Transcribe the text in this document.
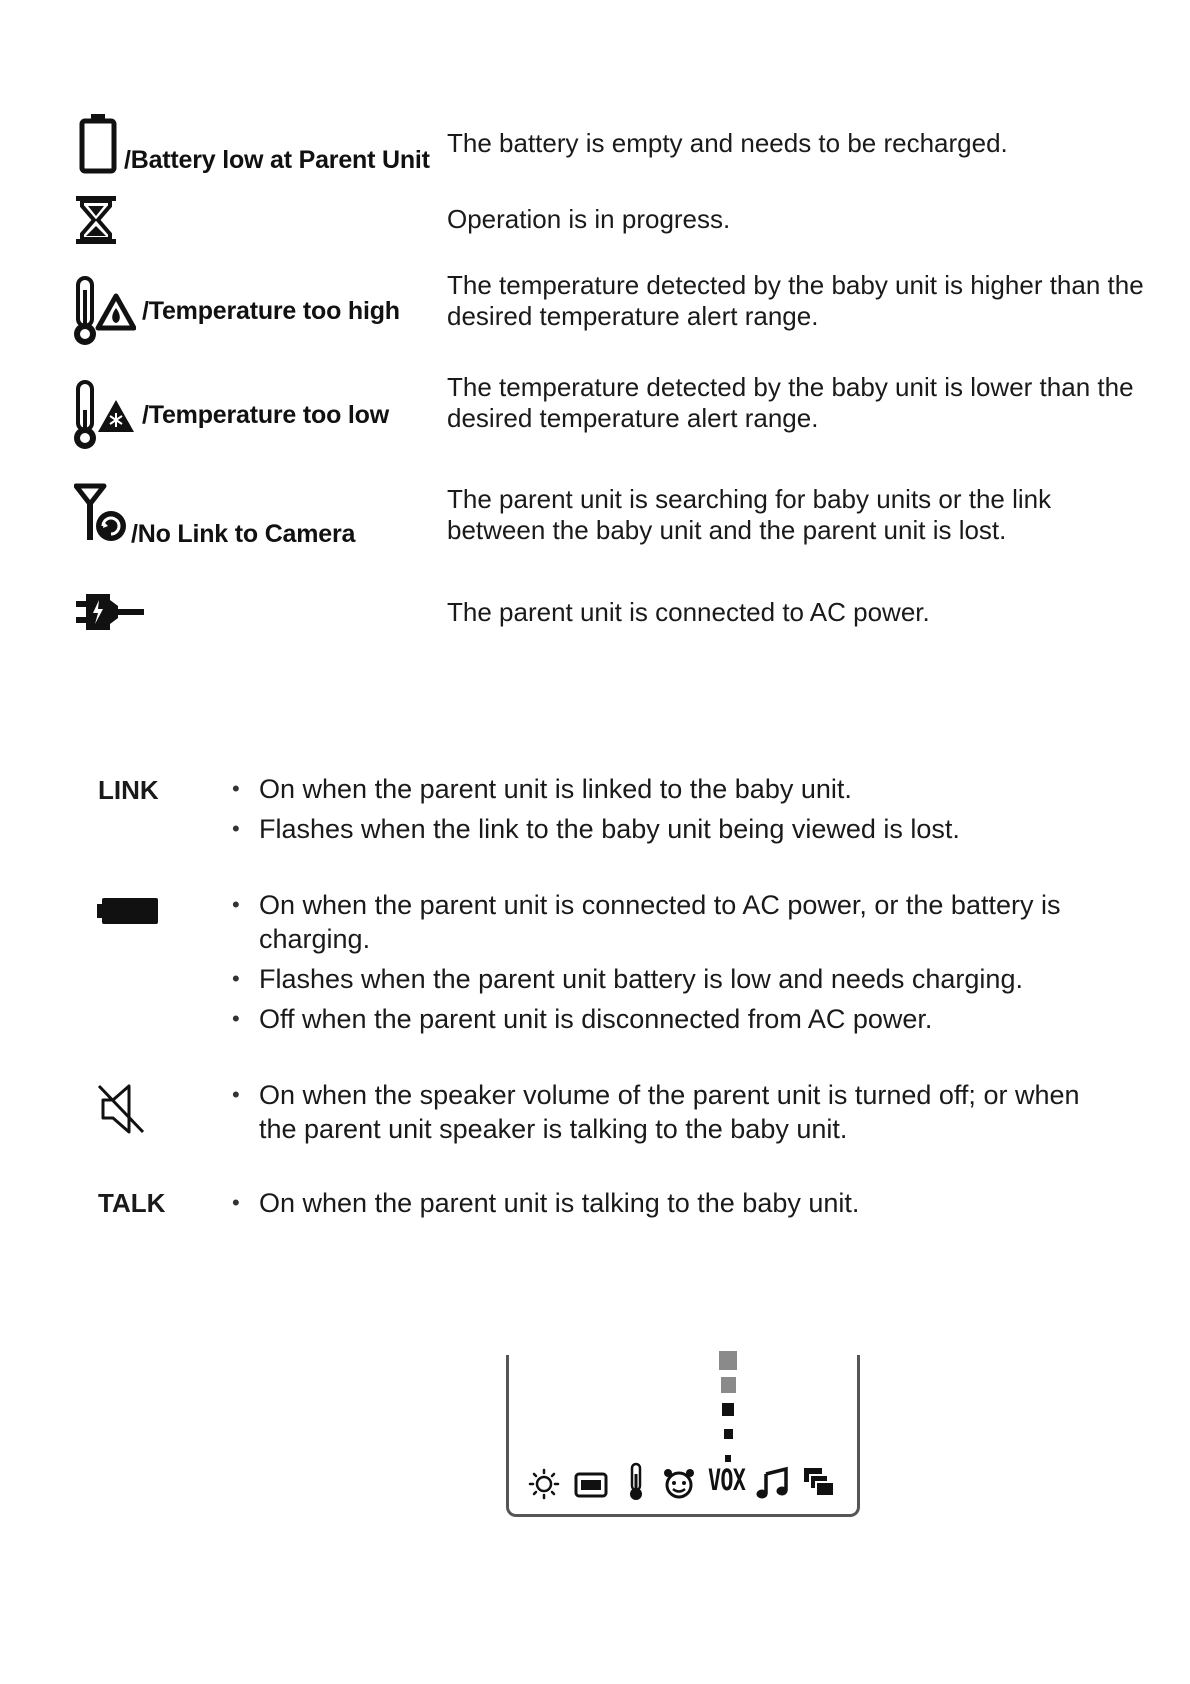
/Battery low at Parent Unit
The battery is empty and needs to be recharged.
Operation is in progress.
/Temperature too high
The temperature detected by the baby unit is higher than the desired temperature alert range.
/Temperature too low
The temperature detected by the baby unit is lower than the desired temperature alert range.
/No Link to Camera
The parent unit is searching for baby units or the link between the baby unit and the parent unit is lost.
The parent unit is connected to AC power.
LINK	• On when the parent unit is linked to the baby unit.
• Flashes when the link to the baby unit being viewed is lost.
• On when the parent unit is connected to AC power, or the battery is charging.
• Flashes when the parent unit battery is low and needs charging.
• Off when the parent unit is disconnected from AC power.
• On when the speaker volume of the parent unit is turned off; or when the parent unit speaker is talking to the baby unit.
TALK	• On when the parent unit is talking to the baby unit.
VOX
